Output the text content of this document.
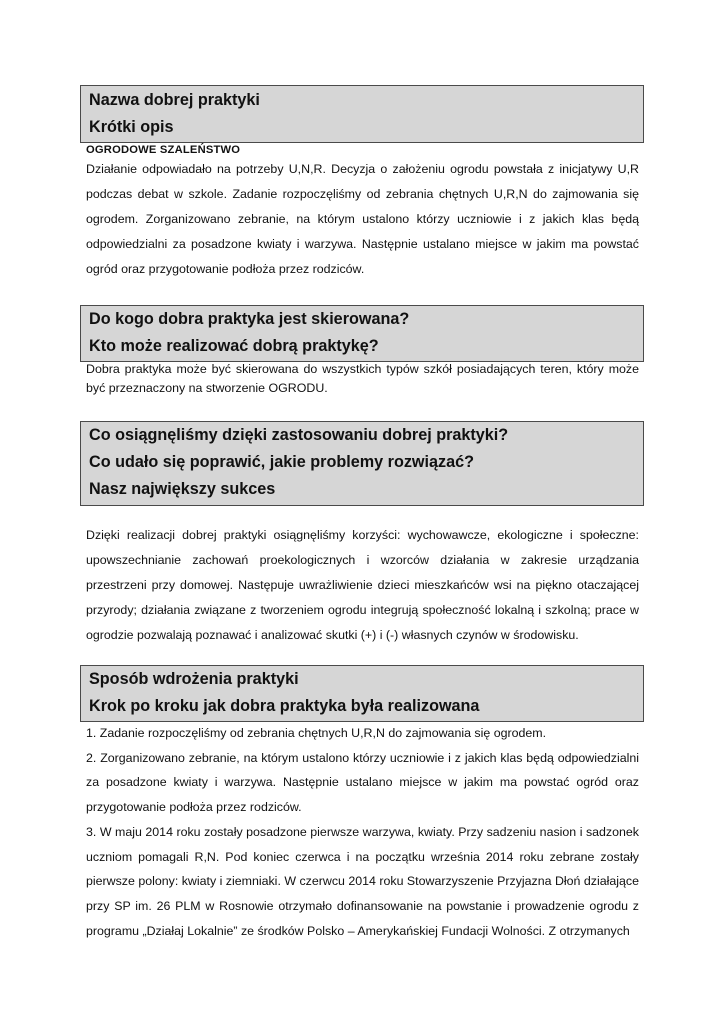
Nazwa dobrej praktyki
Krótki opis
OGRODOWE SZALEŃSTWO

Działanie odpowiadało na potrzeby U,N,R. Decyzja o założeniu ogrodu powstała z inicjatywy U,R podczas debat w szkole. Zadanie rozpoczęliśmy od zebrania chętnych U,R,N do zajmowania się ogrodem. Zorganizowano zebranie, na którym ustalono którzy uczniowie i z jakich klas będą odpowiedzialni za posadzone kwiaty i warzywa. Następnie ustalano miejsce w jakim ma powstać ogród oraz przygotowanie podłoża przez rodziców.

Do kogo dobra praktyka jest skierowana?
Kto może realizować dobrą praktykę?

Dobra praktyka może być skierowana do wszystkich typów szkół posiadających teren, który może być przeznaczony na stworzenie OGRODU.

Co osiągnęliśmy dzięki zastosowaniu dobrej praktyki?
Co udało się poprawić, jakie problemy rozwiązać?
Nasz największy sukces

Dzięki realizacji dobrej praktyki osiągnęliśmy korzyści: wychowawcze, ekologiczne i społeczne: upowszechnianie zachowań proekologicznych i wzorców działania w zakresie urządzania przestrzeni przy domowej. Następuje uwrażliwienie dzieci mieszkańców wsi na piękno otaczającej przyrody; działania związane z tworzeniem ogrodu integrują społeczność lokalną i szkolną; prace w ogrodzie pozwalają poznawać i analizować skutki (+) i (-) własnych czynów w środowisku.

Sposób wdrożenia praktyki
Krok po kroku jak dobra praktyka była realizowana

1. Zadanie rozpoczęliśmy od zebrania chętnych U,R,N do zajmowania się ogrodem.

2. Zorganizowano zebranie, na którym ustalono którzy uczniowie i z jakich klas będą odpowiedzialni za posadzone kwiaty i warzywa. Następnie ustalano miejsce w jakim ma powstać ogród oraz przygotowanie podłoża przez rodziców.

3. W maju 2014 roku zostały posadzone pierwsze warzywa, kwiaty. Przy sadzeniu nasion i sadzonek uczniom pomagali R,N. Pod koniec czerwca i na początku września 2014 roku zebrane zostały pierwsze polony: kwiaty i ziemniaki. W czerwcu 2014 roku Stowarzyszenie Przyjazna Dłoń działające przy SP im. 26 PLM w Rosnowie otrzymało dofinansowanie na powstanie i prowadzenie ogrodu z programu „Działaj Lokalnie” ze środków Polsko – Amerykańskiej Fundacji Wolności. Z otrzymanych
